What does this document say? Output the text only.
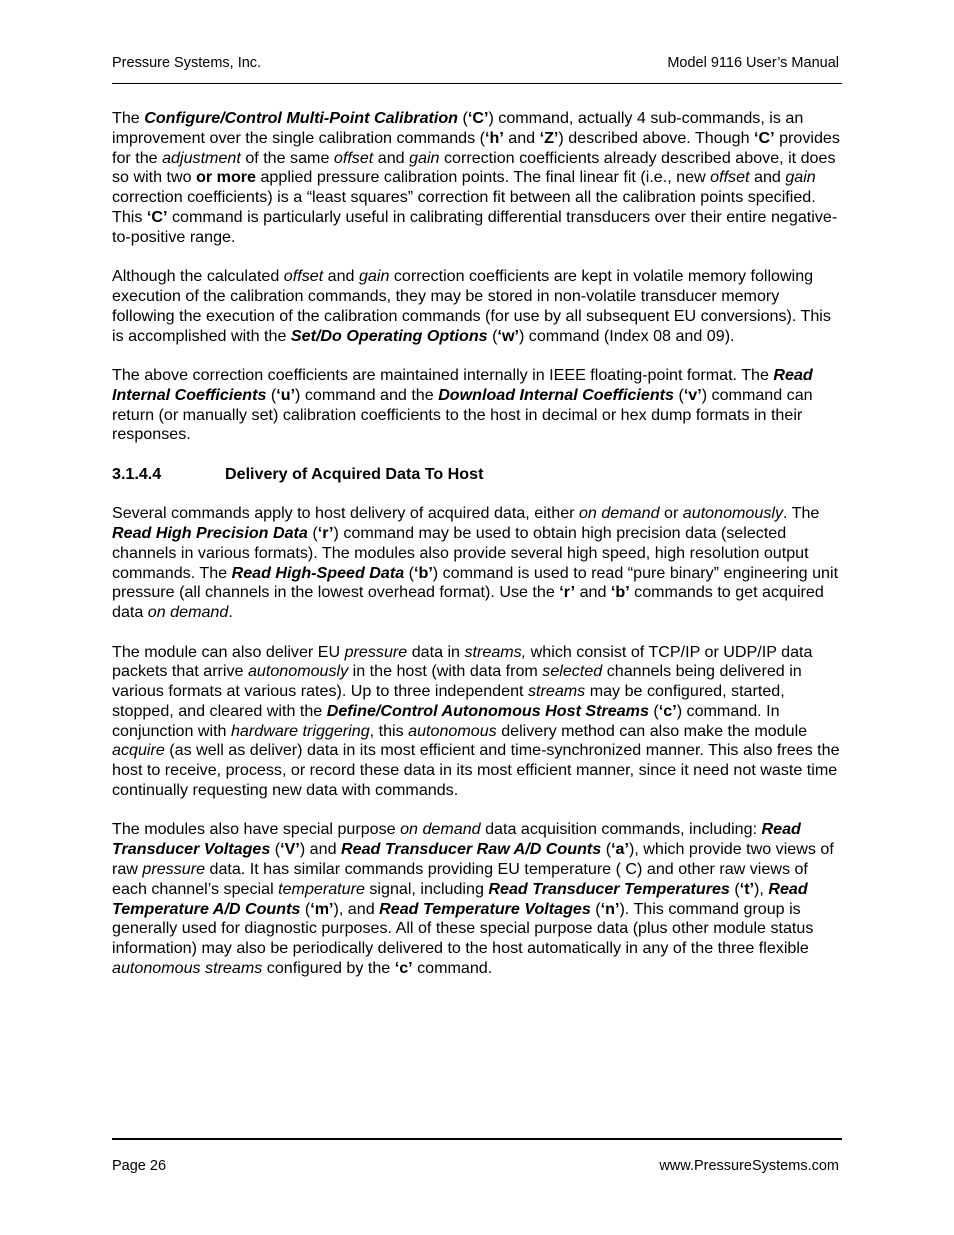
Pressure Systems, Inc.	Model 9116 User’s Manual

The Configure/Control Multi-Point Calibration (‘C’) command, actually 4 sub-commands, is an improvement over the single calibration commands (‘h’ and ‘Z’) described above. Though ‘C’ provides for the adjustment of the same offset and gain correction coefficients already described above, it does so with two or more applied pressure calibration points. The final linear fit (i.e., new offset and gain correction coefficients) is a “least squares” correction fit between all the calibration points specified. This ‘C’ command is particularly useful in calibrating differential transducers over their entire negative-to-positive range.

Although the calculated offset and gain correction coefficients are kept in volatile memory following execution of the calibration commands, they may be stored in non-volatile transducer memory following the execution of the calibration commands (for use by all subsequent EU conversions). This is accomplished with the Set/Do Operating Options (‘w’) command (Index 08 and 09).

The above correction coefficients are maintained internally in IEEE floating-point format. The Read Internal Coefficients (‘u’) command and the Download Internal Coefficients (‘v’) command can return (or manually set) calibration coefficients to the host in decimal or hex dump formats in their responses.

3.1.4.4	Delivery of Acquired Data To Host

Several commands apply to host delivery of acquired data, either on demand or autonomously. The Read High Precision Data (‘r’) command may be used to obtain high precision data (selected channels in various formats). The modules also provide several high speed, high resolution output commands. The Read High-Speed Data (‘b’) command is used to read “pure binary” engineering unit pressure (all channels in the lowest overhead format). Use the ‘r’ and ‘b’ commands to get acquired data on demand.

The module can also deliver EU pressure data in streams, which consist of TCP/IP or UDP/IP data packets that arrive autonomously in the host (with data from selected channels being delivered in various formats at various rates). Up to three independent streams may be configured, started, stopped, and cleared with the Define/Control Autonomous Host Streams (‘c’) command. In conjunction with hardware triggering, this autonomous delivery method can also make the module acquire (as well as deliver) data in its most efficient and time-synchronized manner. This also frees the host to receive, process, or record these data in its most efficient manner, since it need not waste time continually requesting new data with commands.

The modules also have special purpose on demand data acquisition commands, including: Read Transducer Voltages (‘V’) and Read Transducer Raw A/D Counts (‘a’), which provide two views of raw pressure data. It has similar commands providing EU temperature ( C) and other raw views of each channel’s special temperature signal, including Read Transducer Temperatures (‘t’), Read Temperature A/D Counts (‘m’), and Read Temperature Voltages (‘n’). This command group is generally used for diagnostic purposes. All of these special purpose data (plus other module status information) may also be periodically delivered to the host automatically in any of the three flexible autonomous streams configured by the ‘c’ command.

Page 26	www.PressureSystems.com
